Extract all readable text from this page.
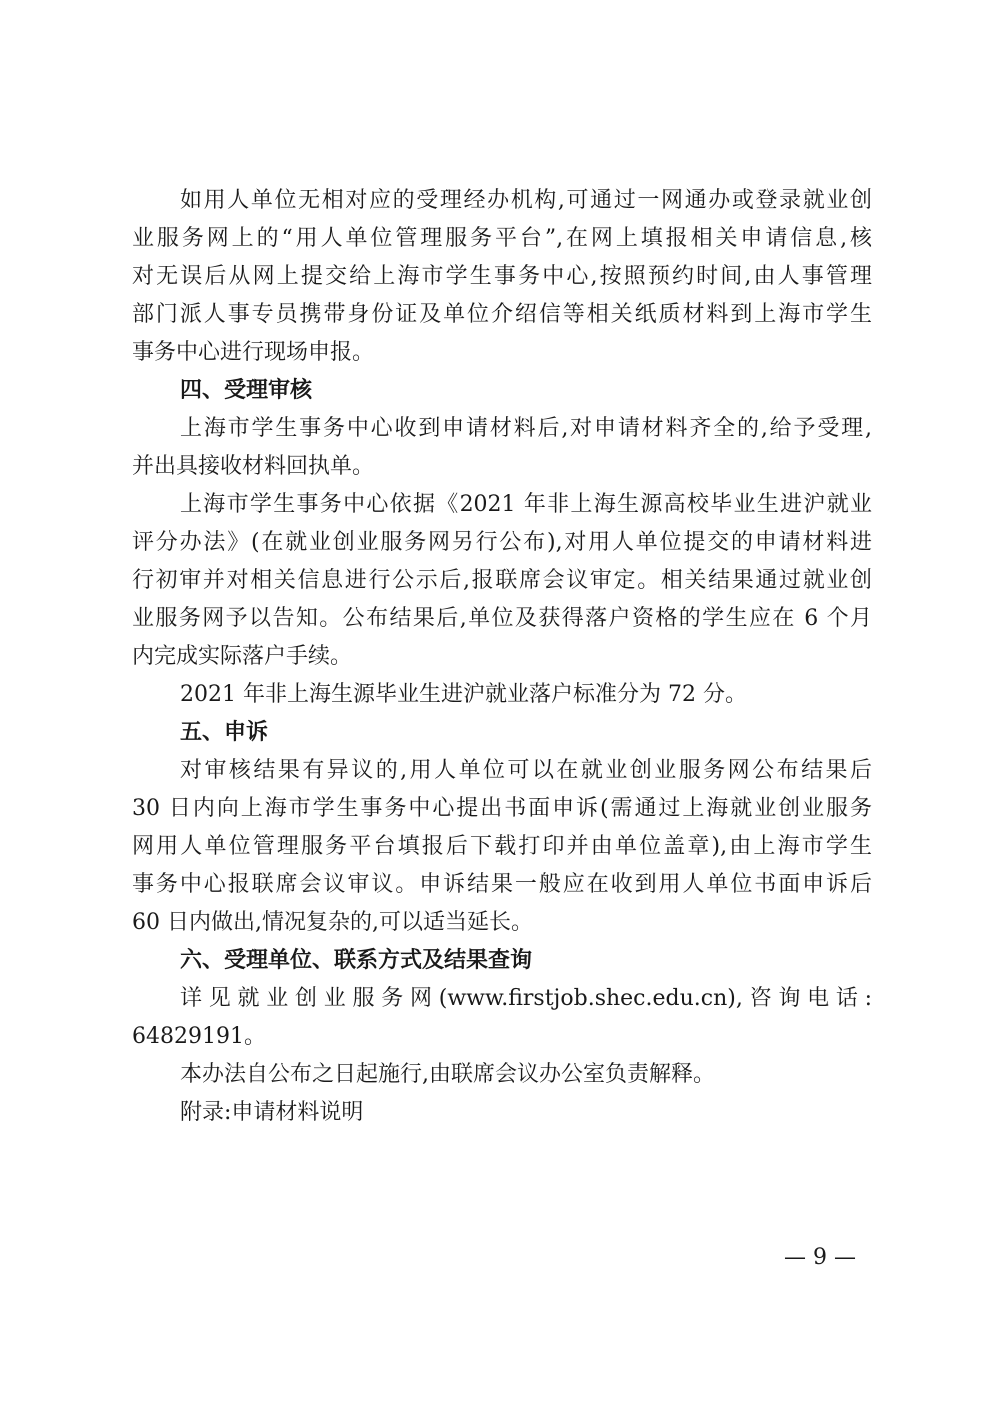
如用人单位无相对应的受理经办机构,可通过一网通办或登录就业创
业服务网上的“用人单位管理服务平台”,在网上填报相关申请信息,核
对无误后从网上提交给上海市学生事务中心,按照预约时间,由人事管理
部门派人事专员携带身份证及单位介绍信等相关纸质材料到上海市学生
事务中心进行现场申报。
四、受理审核
上海市学生事务中心收到申请材料后,对申请材料齐全的,给予受理,
并出具接收材料回执单。
上海市学生事务中心依据《2021 年非上海生源高校毕业生进沪就业
评分办法》(在就业创业服务网另行公布),对用人单位提交的申请材料进
行初审并对相关信息进行公示后,报联席会议审定。相关结果通过就业创
业服务网予以告知。公布结果后,单位及获得落户资格的学生应在 6 个月
内完成实际落户手续。
2021 年非上海生源毕业生进沪就业落户标准分为 72 分。
五、申诉
对审核结果有异议的,用人单位可以在就业创业服务网公布结果后
30 日内向上海市学生事务中心提出书面申诉(需通过上海就业创业服务
网用人单位管理服务平台填报后下载打印并由单位盖章),由上海市学生
事务中心报联席会议审议。申诉结果一般应在收到用人单位书面申诉后
60 日内做出,情况复杂的,可以适当延长。
六、受理单位、联系方式及结果查询
详见就业创业服务网(www.firstjob.shec.edu.cn),咨询电话:
64829191。
本办法自公布之日起施行,由联席会议办公室负责解释。
附录:申请材料说明
— 9 —
